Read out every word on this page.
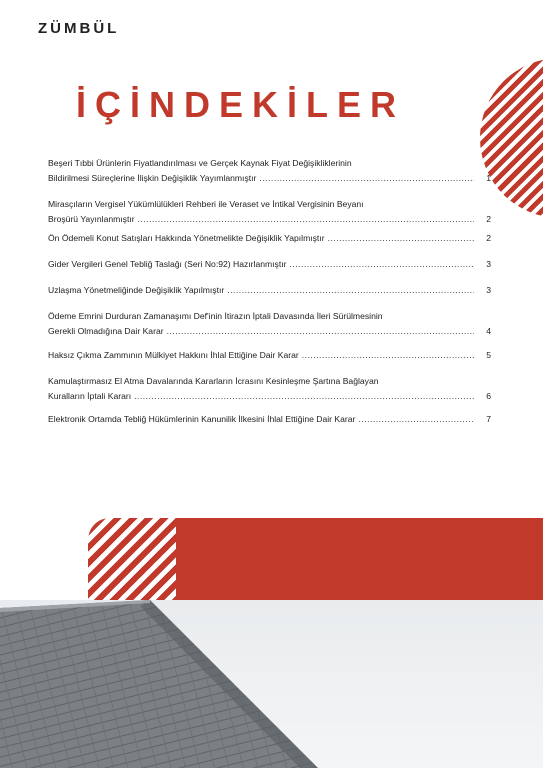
ZÜMBÜL
İÇİNDEKİLER
Beşeri Tıbbi Ürünlerin Fiyatlandırılması ve Gerçek Kaynak Fiyat Değişikliklerinin
Bildirilmesi Süreçlerine İlişkin Değişiklik Yayımlanmıştır .....	1
Mirasçıların Vergisel Yükümlülükleri Rehberi ile Veraset ve İntikal Vergisinin Beyanı
Broşürü Yayınlanmıştır .....	2
Ön Ödemeli Konut Satışları Hakkında Yönetmelikte Değişiklik Yapılmıştır .....	2
Gider Vergileri Genel Tebliğ Taslağı (Seri No:92) Hazırlanmıştır .....	3
Uzlaşma Yönetmeliğinde Değişiklik Yapılmıştır .....	3
Ödeme Emrini Durduran Zamanaşımı Def'inin İtirazın İptali Davasında İleri Sürülmesinin
Gerekli Olmadığına Dair Karar .....	4
Haksız Çıkma Zammının Mülkiyet Hakkını İhlal Ettiğine Dair Karar .....	5
Kamulaştırmasız El Atma Davalarında Kararların İcrasını Kesinleşme Şartına Bağlayan
Kuralların İptali Kararı .....	6
Elektronik Ortamda Tebliğ Hükümlerinin Kanunilik İlkesini İhlal Ettiğine Dair Karar .....	7
